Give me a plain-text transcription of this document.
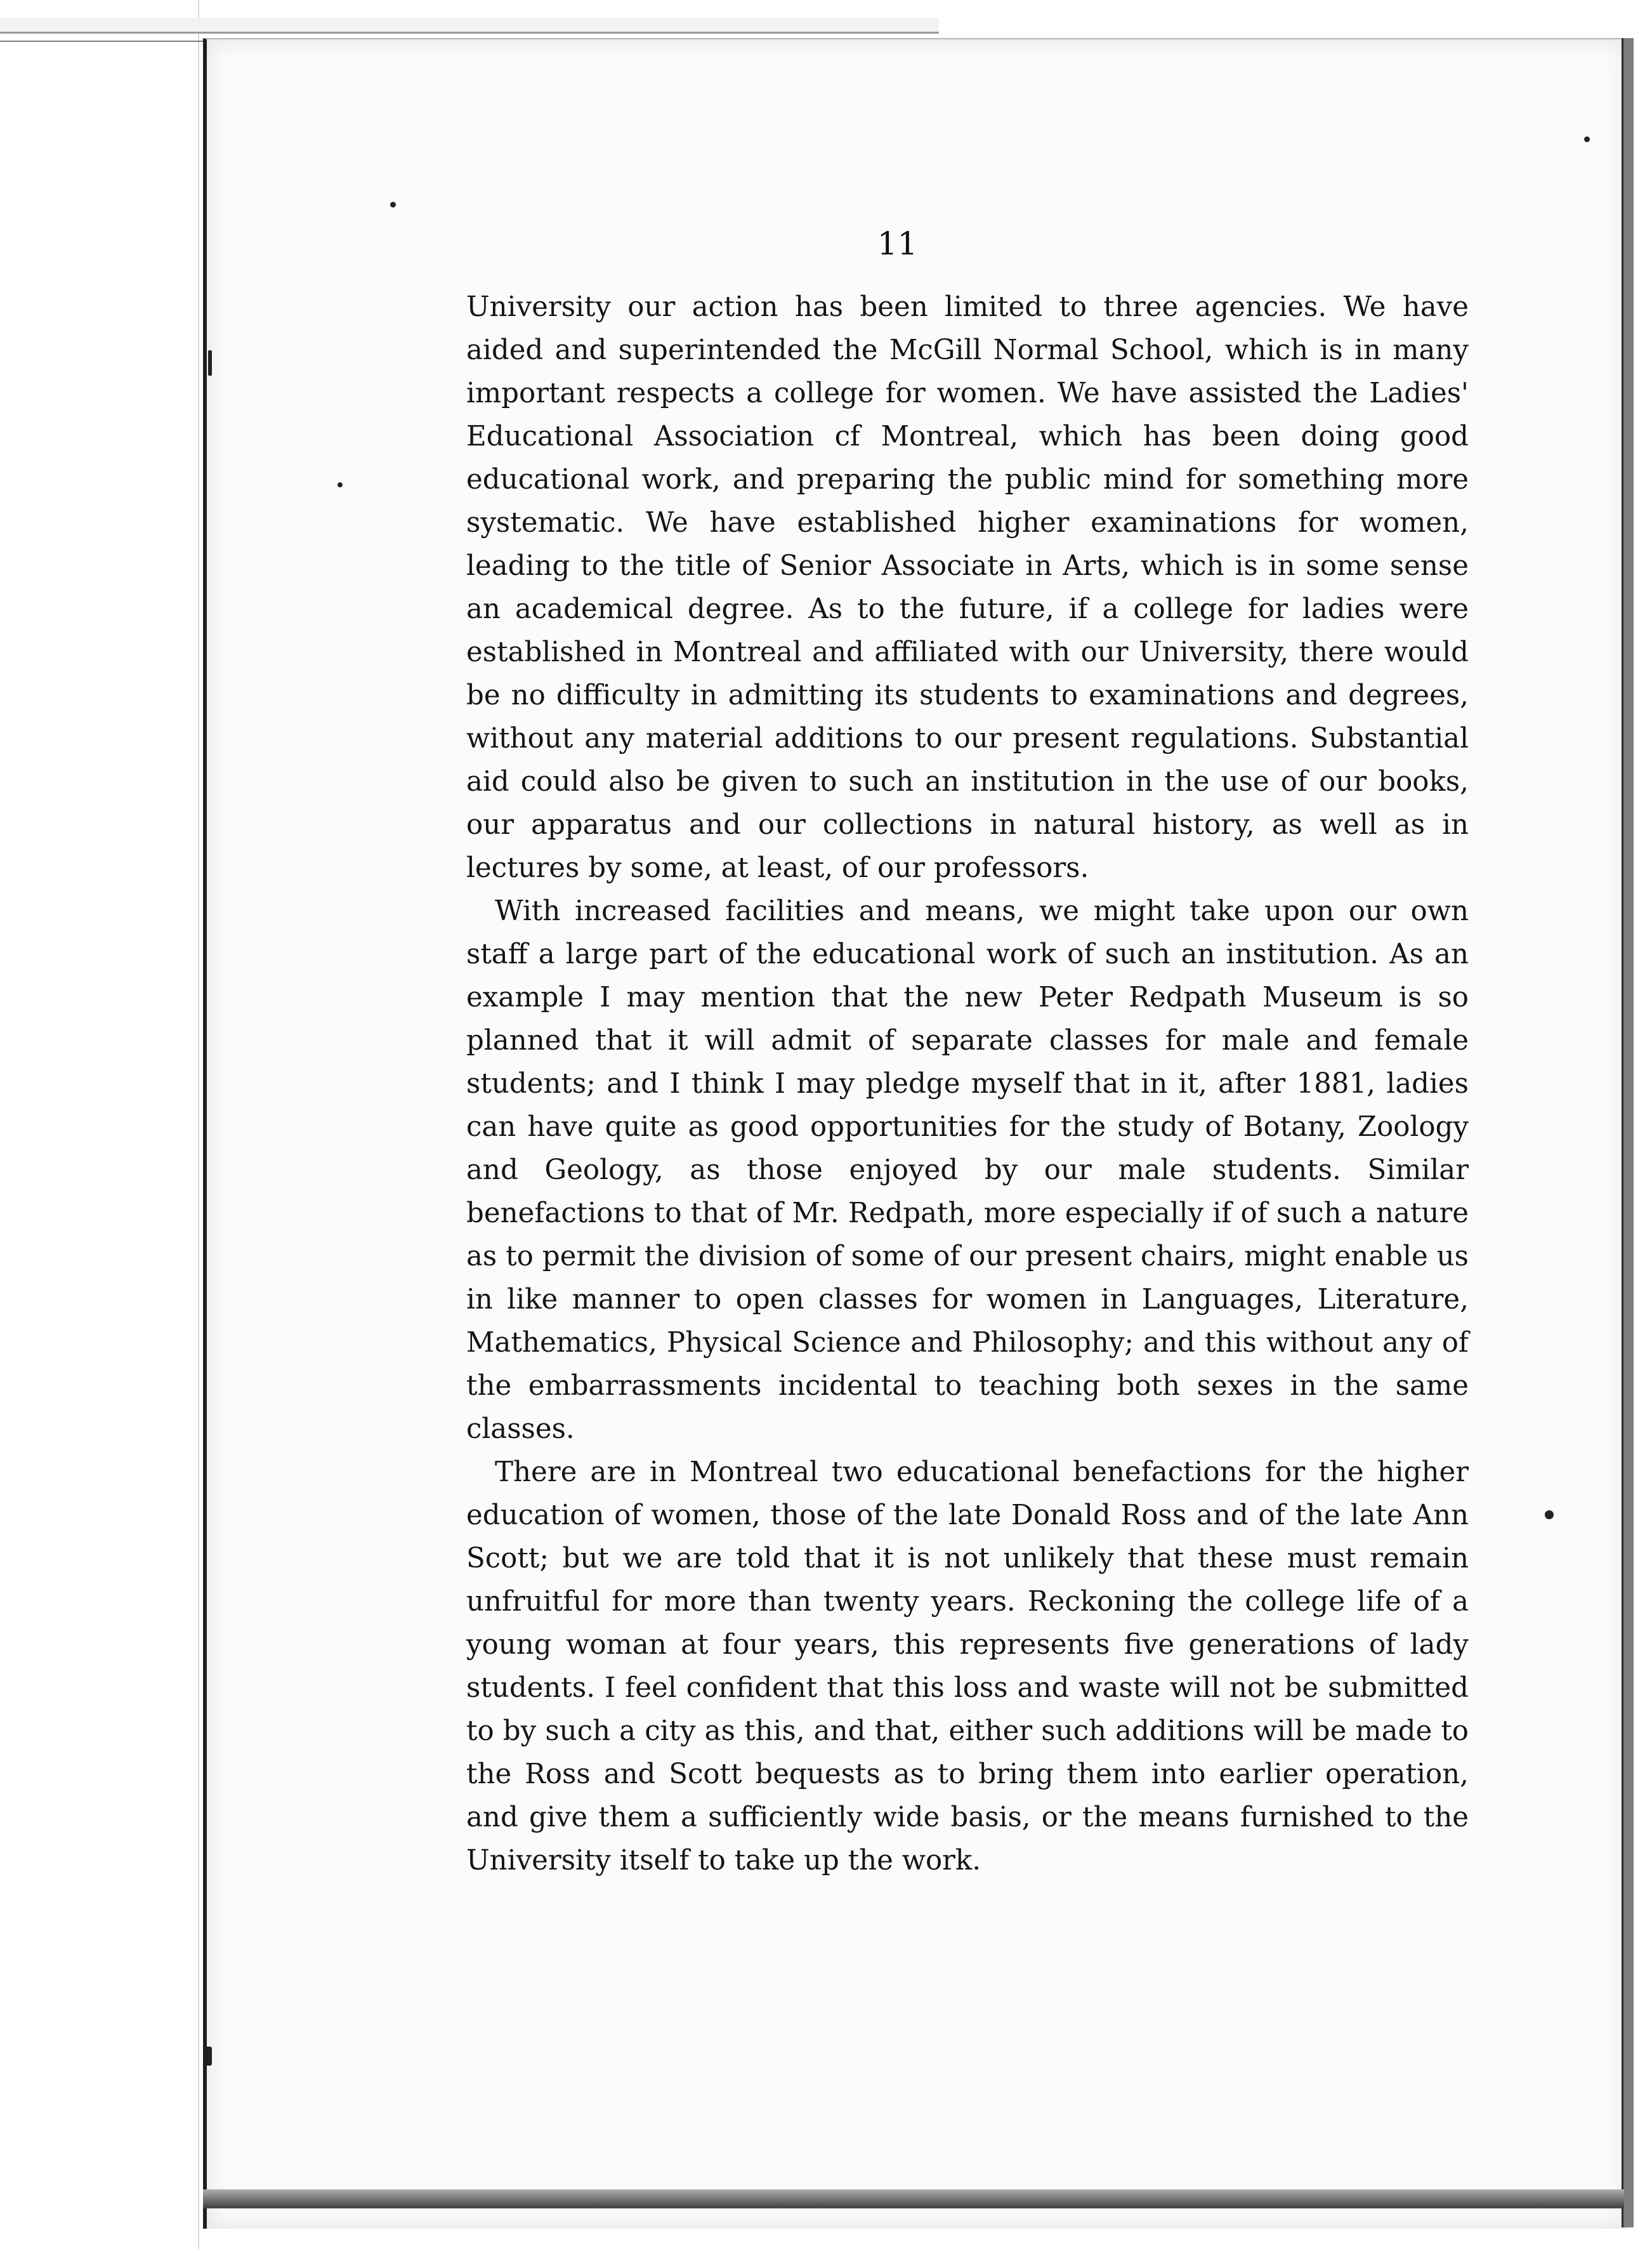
11

University our action has been limited to three agencies. We have aided and superintended the McGill Normal School, which is in many important respects a college for women. We have assisted the Ladies' Educational Association cf Montreal, which has been doing good educational work, and preparing the public mind for something more systematic. We have established higher examinations for women, leading to the title of Senior Associate in Arts, which is in some sense an academical degree. As to the future, if a college for ladies were established in Montreal and affiliated with our University, there would be no difficulty in admitting its students to examinations and degrees, without any material additions to our present regulations. Substantial aid could also be given to such an institution in the use of our books, our apparatus and our collections in natural history, as well as in lectures by some, at least, of our professors.

With increased facilities and means, we might take upon our own staff a large part of the educational work of such an institution. As an example I may mention that the new Peter Redpath Museum is so planned that it will admit of separate classes for male and female students; and I think I may pledge myself that in it, after 1881, ladies can have quite as good opportunities for the study of Botany, Zoology and Geology, as those enjoyed by our male students. Similar benefactions to that of Mr. Redpath, more especially if of such a nature as to permit the division of some of our present chairs, might enable us in like manner to open classes for women in Languages, Literature, Mathematics, Physical Science and Philosophy; and this without any of the embarrassments incidental to teaching both sexes in the same classes.

There are in Montreal two educational benefactions for the higher education of women, those of the late Donald Ross and of the late Ann Scott; but we are told that it is not unlikely that these must remain unfruitful for more than twenty years. Reckoning the college life of a young woman at four years, this represents five generations of lady students. I feel confident that this loss and waste will not be submitted to by such a city as this, and that, either such additions will be made to the Ross and Scott bequests as to bring them into earlier operation, and give them a sufficiently wide basis, or the means furnished to the University itself to take up the work.
